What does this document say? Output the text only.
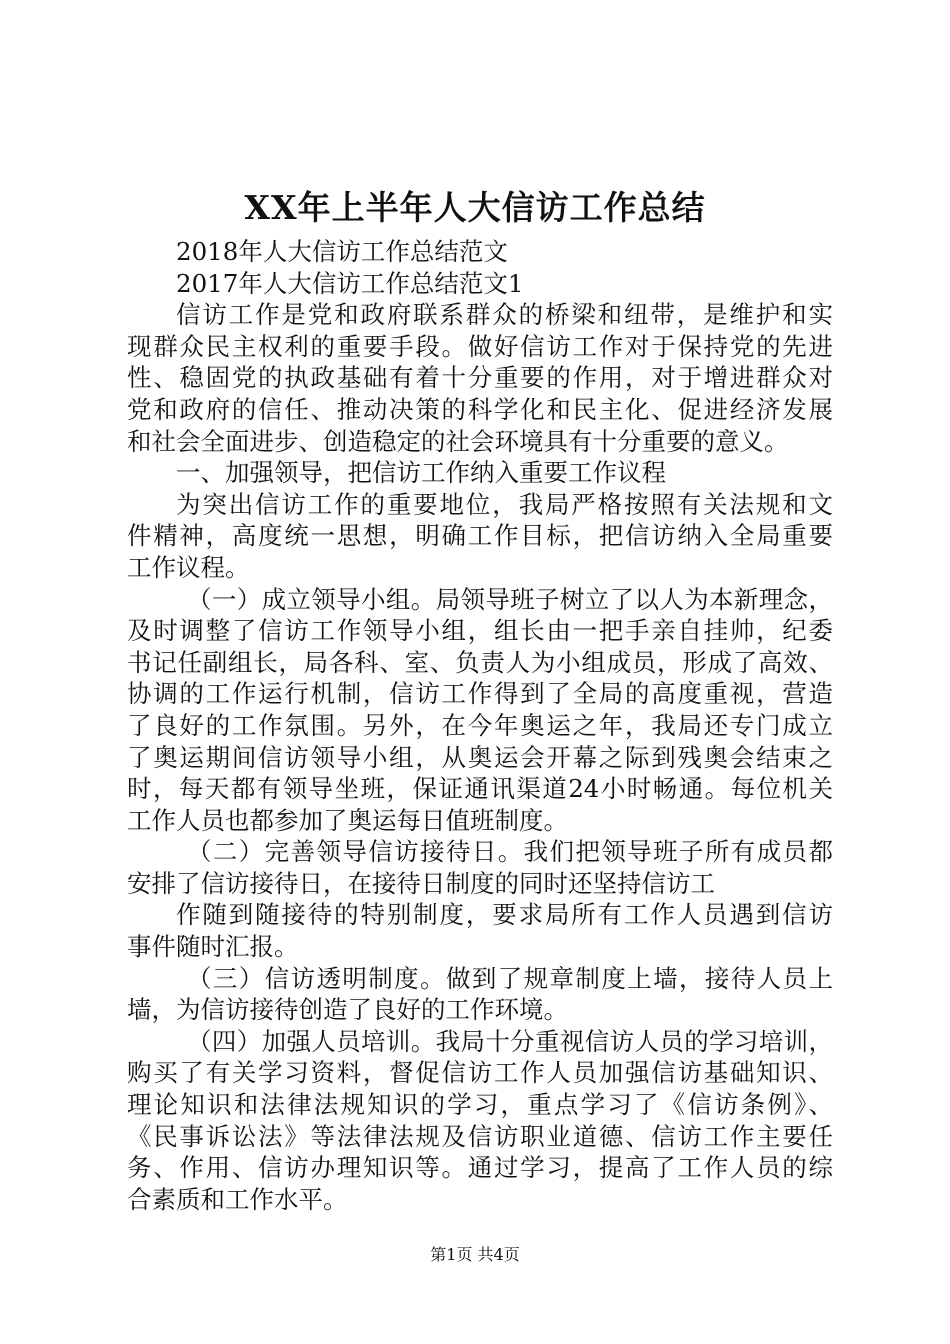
XX年上半年人大信访工作总结
2018年人大信访工作总结范文
2017年人大信访工作总结范文1
信访工作是党和政府联系群众的桥梁和纽带，是维护和实
现群众民主权利的重要手段。做好信访工作对于保持党的先进
性、稳固党的执政基础有着十分重要的作用，对于增进群众对
党和政府的信任、推动决策的科学化和民主化、促进经济发展
和社会全面进步、创造稳定的社会环境具有十分重要的意义。
一、加强领导，把信访工作纳入重要工作议程
为突出信访工作的重要地位，我局严格按照有关法规和文
件精神，高度统一思想，明确工作目标，把信访纳入全局重要
工作议程。
（一）成立领导小组。局领导班子树立了以人为本新理念，
及时调整了信访工作领导小组，组长由一把手亲自挂帅，纪委
书记任副组长，局各科、室、负责人为小组成员，形成了高效、
协调的工作运行机制，信访工作得到了全局的高度重视，营造
了良好的工作氛围。另外，在今年奥运之年，我局还专门成立
了奥运期间信访领导小组，从奥运会开幕之际到残奥会结束之
时，每天都有领导坐班，保证通讯渠道24小时畅通。每位机关
工作人员也都参加了奥运每日值班制度。
（二）完善领导信访接待日。我们把领导班子所有成员都
安排了信访接待日，在接待日制度的同时还坚持信访工
作随到随接待的特别制度，要求局所有工作人员遇到信访
事件随时汇报。
（三）信访透明制度。做到了规章制度上墙，接待人员上
墙，为信访接待创造了良好的工作环境。
（四）加强人员培训。我局十分重视信访人员的学习培训，
购买了有关学习资料，督促信访工作人员加强信访基础知识、
理论知识和法律法规知识的学习，重点学习了《信访条例》、
《民事诉讼法》等法律法规及信访职业道德、信访工作主要任
务、作用、信访办理知识等。通过学习，提高了工作人员的综
合素质和工作水平。
第1页 共4页
